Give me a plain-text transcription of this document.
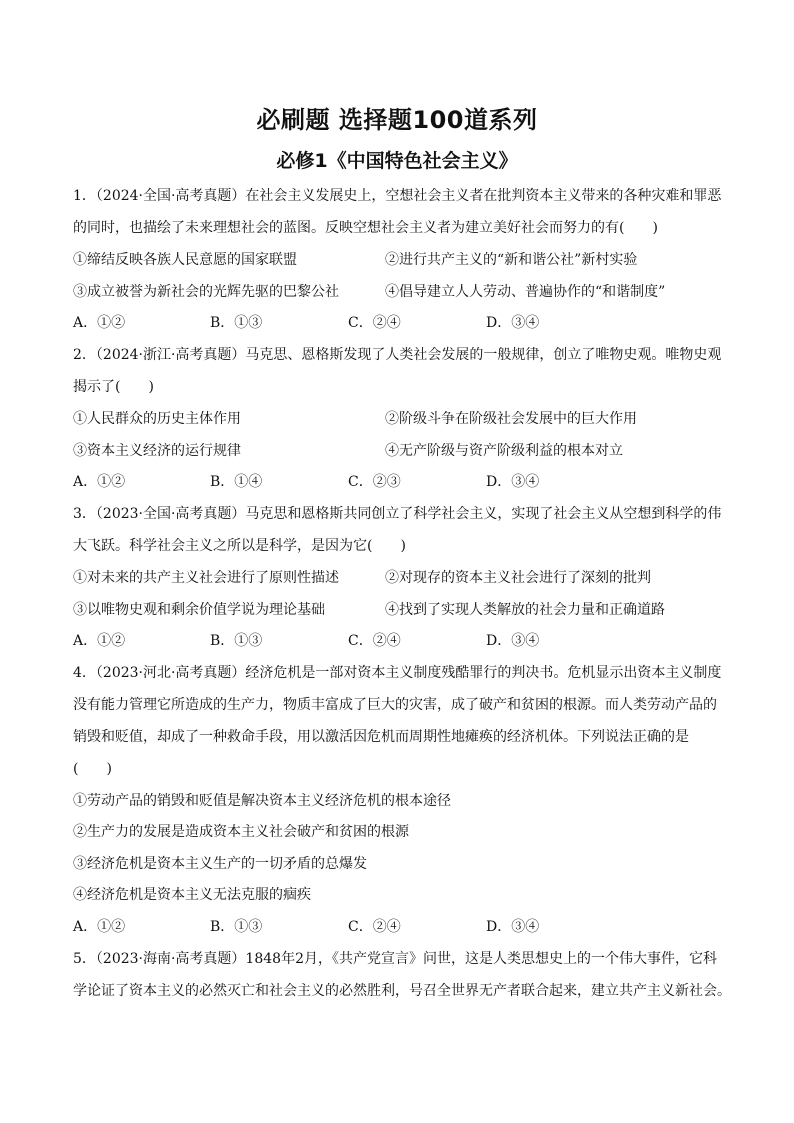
必刷题 选择题100道系列
必修1《中国特色社会主义》
1．（2024·全国·高考真题）在社会主义发展史上，空想社会主义者在批判资本主义带来的各种灾难和罪恶
的同时，也描绘了未来理想社会的蓝图。反映空想社会主义者为建立美好社会而努力的有(　　)
①缔结反映各族人民意愿的国家联盟	②进行共产主义的“新和谐公社”新村实验
③成立被誉为新社会的光辉先驱的巴黎公社	④倡导建立人人劳动、普遍协作的“和谐制度”
A．①②	B．①③	C．②④	D．③④
2．（2024·浙江·高考真题）马克思、恩格斯发现了人类社会发展的一般规律，创立了唯物史观。唯物史观
揭示了(　　)
①人民群众的历史主体作用	②阶级斗争在阶级社会发展中的巨大作用
③资本主义经济的运行规律	④无产阶级与资产阶级利益的根本对立
A．①②	B．①④	C．②③	D．③④
3．（2023·全国·高考真题）马克思和恩格斯共同创立了科学社会主义，实现了社会主义从空想到科学的伟
大飞跃。科学社会主义之所以是科学，是因为它(　　)
①对未来的共产主义社会进行了原则性描述	②对现存的资本主义社会进行了深刻的批判
③以唯物史观和剩余价值学说为理论基础	④找到了实现人类解放的社会力量和正确道路
A．①②	B．①③	C．②④	D．③④
4．（2023·河北·高考真题）经济危机是一部对资本主义制度残酷罪行的判决书。危机显示出资本主义制度
没有能力管理它所造成的生产力，物质丰富成了巨大的灾害，成了破产和贫困的根源。而人类劳动产品的
销毁和贬值，却成了一种救命手段，用以激活因危机而周期性地瘫痪的经济机体。下列说法正确的是
(　　)
①劳动产品的销毁和贬值是解决资本主义经济危机的根本途径
②生产力的发展是造成资本主义社会破产和贫困的根源
③经济危机是资本主义生产的一切矛盾的总爆发
④经济危机是资本主义无法克服的痼疾
A．①②	B．①③	C．②④	D．③④
5．（2023·海南·高考真题）1848年2月，《共产党宣言》问世，这是人类思想史上的一个伟大事件，它科
学论证了资本主义的必然灭亡和社会主义的必然胜利，号召全世界无产者联合起来，建立共产主义新社会。
